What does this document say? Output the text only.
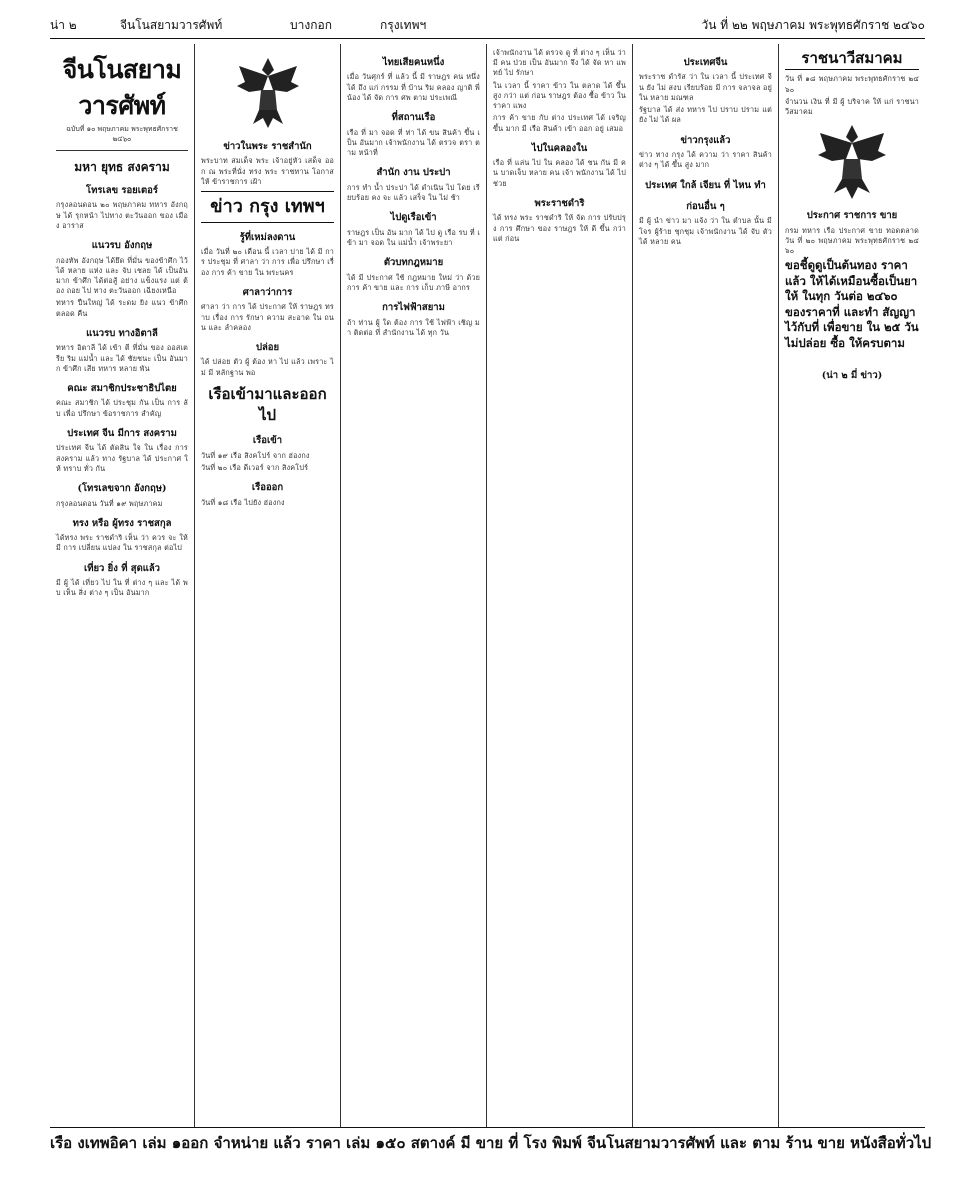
น่า ๒	จีนโนสยามวารศัพท์	บางกอก	กรุงเทพฯ	วัน ที่ ๒๒ พฤษภาคม พระพุทธศักราช ๒๔๖๐
จีนโนสยามวารศัพท์
ฉบับที่ ๑๐ พฤษภาคม พระพุทธศักราช ๒๔๖๐
มหา ยุทธ สงคราม
โทรเลข รอยเตอร์

กรุงลอนดอน ๒๐ พฤษภาคม ทหาร อังกฤษ ได้ รุกหน้า ไปทาง ตะวันออก ของ เมือง อาราส

แนวรบ อังกฤษ

กองทัพ อังกฤษ ได้ยึด ที่มั่น ของข้าศึก ไว้ได้ หลาย แห่ง และ จับ เชลย ได้ เป็นอันมาก ข้าศึก ได้ต่อสู้ อย่าง แข็งแรง แต่ ต้อง ถอย ไป ทาง ตะวันออก เฉียงเหนือ

ทหาร ปืนใหญ่ ได้ ระดม ยิง แนว ข้าศึก ตลอด คืน

แนวรบ ทางอิตาลี

ทหาร อิตาลี ได้ เข้า ตี ที่มั่น ของ ออสเตรีย ริม แม่น้ำ และ ได้ ชัยชนะ เป็น อันมาก ข้าศึก เสีย ทหาร หลาย พัน

คณะ สมาชิกประชาธิปไตย

คณะ สมาชิก ได้ ประชุม กัน เป็น การ ลับ เพื่อ ปรึกษา ข้อราชการ สำคัญ

ประเทศ จีน มีการ สงคราม

ประเทศ จีน ได้ ตัดสิน ใจ ใน เรื่อง การ สงคราม แล้ว ทาง รัฐบาล ได้ ประกาศ ให้ ทราบ ทั่ว กัน

(โทรเลขจาก อังกฤษ)

กรุงลอนดอน วันที่ ๑๙ พฤษภาคม

ทรง หรือ ผู้ทรง ราชสกุล

ได้ทรง พระ ราชดำริ เห็น ว่า ควร จะ ให้ มี การ เปลี่ยน แปลง ใน ราชสกุล ต่อไป

เที่ยว ยิ่ง ที่ สุดแล้ว

มี ผู้ ได้ เที่ยว ไป ใน ที่ ต่าง ๆ และ ได้ พบ เห็น สิ่ง ต่าง ๆ เป็น อันมาก

ข่าวในพระ ราชสำนัก

พระบาท สมเด็จ พระ เจ้าอยู่หัว เสด็จ ออก ณ พระที่นั่ง ทรง พระ ราชทาน โอกาส ให้ ข้าราชการ เฝ้า

ข่าว กรุง เทพฯ
รู้ที่เหม่ลงดาน

เมื่อ วันที่ ๒๐ เดือน นี้ เวลา บ่าย ได้ มี การ ประชุม ที่ ศาลา ว่า การ เพื่อ ปรึกษา เรื่อง การ ค้า ขาย ใน พระนคร

ศาลาว่าการ

ศาลา ว่า การ ได้ ประกาศ ให้ ราษฎร ทราบ เรื่อง การ รักษา ความ สะอาด ใน ถนน และ ลำคลอง

ปล่อย

ได้ ปล่อย ตัว ผู้ ต้อง หา ไป แล้ว เพราะ ไม่ มี หลักฐาน พอ

เรือเข้ามาและออกไป
เรือเข้า

วันที่ ๑๙ เรือ สิงคโปร์ จาก ฮ่องกง

วันที่ ๒๐ เรือ ดีเวอร์ จาก สิงคโปร์

เรือออก

วันที่ ๑๘ เรือ ไปยัง ฮ่องกง

ไทยเสียคนหนึ่ง

เมื่อ วันศุกร์ ที่ แล้ว นี้ มี ราษฎร คน หนึ่ง ได้ ถึง แก่ กรรม ที่ บ้าน ริม คลอง ญาติ พี่น้อง ได้ จัด การ ศพ ตาม ประเพณี

ที่สถานเรือ

เรือ ที่ มา จอด ที่ ท่า ได้ ขน สินค้า ขึ้น เป็น อันมาก เจ้าพนักงาน ได้ ตรวจ ตรา ตาม หน้าที่

สำนัก งาน ประปา

การ ทำ น้ำ ประปา ได้ ดำเนิน ไป โดย เรียบร้อย คง จะ แล้ว เสร็จ ใน ไม่ ช้า

ไปดูเรือเข้า

ราษฎร เป็น อัน มาก ได้ ไป ดู เรือ รบ ที่ เข้า มา จอด ใน แม่น้ำ เจ้าพระยา

ตัวบทกฎหมาย

ได้ มี ประกาศ ใช้ กฎหมาย ใหม่ ว่า ด้วย การ ค้า ขาย และ การ เก็บ ภาษี อากร

การไฟฟ้าสยาม

ถ้า ท่าน ผู้ ใด ต้อง การ ใช้ ไฟฟ้า เชิญ มา ติดต่อ ที่ สำนักงาน ได้ ทุก วัน

เจ้าพนักงาน ได้ ตรวจ ดู ที่ ต่าง ๆ เห็น ว่า มี คน ป่วย เป็น อันมาก จึง ได้ จัด หา แพทย์ ไป รักษา

ใน เวลา นี้ ราคา ข้าว ใน ตลาด ได้ ขึ้น สูง กว่า แต่ ก่อน ราษฎร ต้อง ซื้อ ข้าว ใน ราคา แพง

การ ค้า ขาย กับ ต่าง ประเทศ ได้ เจริญ ขึ้น มาก มี เรือ สินค้า เข้า ออก อยู่ เสมอ

ไปในคลองใน

เรือ ที่ แล่น ไป ใน คลอง ได้ ชน กัน มี คน บาดเจ็บ หลาย คน เจ้า พนักงาน ได้ ไป ช่วย

พระราชดำริ

ได้ ทรง พระ ราชดำริ ให้ จัด การ ปรับปรุง การ ศึกษา ของ ราษฎร ให้ ดี ขึ้น กว่า แต่ ก่อน

ประเทศจีน

พระราช ดำรัส ว่า ใน เวลา นี้ ประเทศ จีน ยัง ไม่ สงบ เรียบร้อย มี การ จลาจล อยู่ ใน หลาย มณฑล

รัฐบาล ได้ ส่ง ทหาร ไป ปราบ ปราม แต่ ยัง ไม่ ได้ ผล

ข่าวกรุงแล้ว

ข่าว ทาง กรุง ได้ ความ ว่า ราคา สินค้า ต่าง ๆ ได้ ขึ้น สูง มาก

ประเทศ ใกล้ เจียน ที่ ไหน ทำ
ก่อนอื่น ๆ

มี ผู้ นำ ข่าว มา แจ้ง ว่า ใน ตำบล นั้น มี โจร ผู้ร้าย ชุกชุม เจ้าพนักงาน ได้ จับ ตัว ได้ หลาย คน

ราชนาวีสมาคม

วัน ที่ ๑๘ พฤษภาคม พระพุทธศักราช ๒๔๖๐

จำนวน เงิน ที่ มี ผู้ บริจาค ให้ แก่ ราชนาวีสมาคม

ประกาศ ราชการ ขาย

กรม ทหาร เรือ ประกาศ ขาย ทอดตลาด วัน ที่ ๒๐ พฤษภาคม พระพุทธศักราช ๒๔๖๐

ขอชี้ดูดูเป็นต้นทอง ราคาแล้ว ให้ได้เหมือนซื้อเป็นยาให้ ในทุก วันต่อ ๒๔๖๐ ของราคาที่ และทำ สัญญาไว้กับที่ เพื่อขาย ใน ๒๕ วันไม่ปล่อย ซื้อ ให้ครบตาม
(น่า ๒ มี่ ข่าว)
เรือ งเทพอิคา เล่ม ๑ออก จำหน่าย แล้ว ราคา เล่ม ๑๕๐ สตางค์ มี ขาย ที่ โรง พิมพ์ จีนโนสยามวารศัพท์ และ ตาม ร้าน ขาย หนังสือทั่วไป
